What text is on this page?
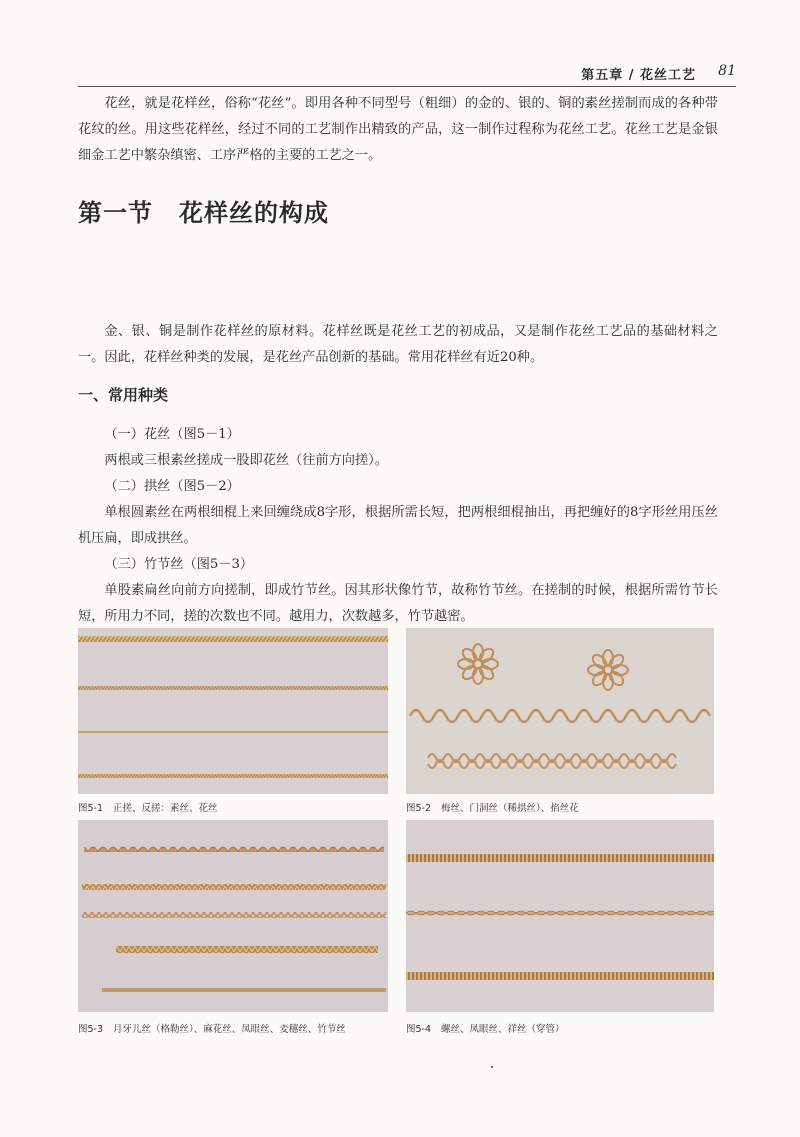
第五章 / 花丝工艺 81

花丝，就是花样丝，俗称“花丝”。即用各种不同型号（粗细）的金的、银的、铜的素丝搓制而成的各种带花纹的丝。用这些花样丝，经过不同的工艺制作出精致的产品，这一制作过程称为花丝工艺。花丝工艺是金银细金工艺中繁杂缜密、工序严格的主要的工艺之一。

第一节 花样丝的构成

金、银、铜是制作花样丝的原材料。花样丝既是花丝工艺的初成品，又是制作花丝工艺品的基础材料之一。因此，花样丝种类的发展，是花丝产品创新的基础。常用花样丝有近20种。

一、常用种类

（一）花丝（图5－1）

两根或三根素丝搓成一股即花丝（往前方向搓）。

（二）拱丝（图5－2）

单根圆素丝在两根细棍上来回缠绕成8字形，根据所需长短，把两根细棍抽出，再把缠好的8字形丝用压丝机压扁，即成拱丝。

（三）竹节丝（图5－3）

单股素扁丝向前方向搓制，即成竹节丝。因其形状像竹节，故称竹节丝。在搓制的时候，根据所需竹节长短，所用力不同，搓的次数也不同。越用力，次数越多，竹节越密。

图5-1 正搓、反搓：素丝、花丝	图5-2 梅丝、门洞丝（稀拱丝）、掐丝花
图5-3 月牙儿丝（格勒丝）、麻花丝、凤眼丝、麦穗丝、竹节丝	图5-4 螺丝、凤眼丝、祥丝（穿管）
